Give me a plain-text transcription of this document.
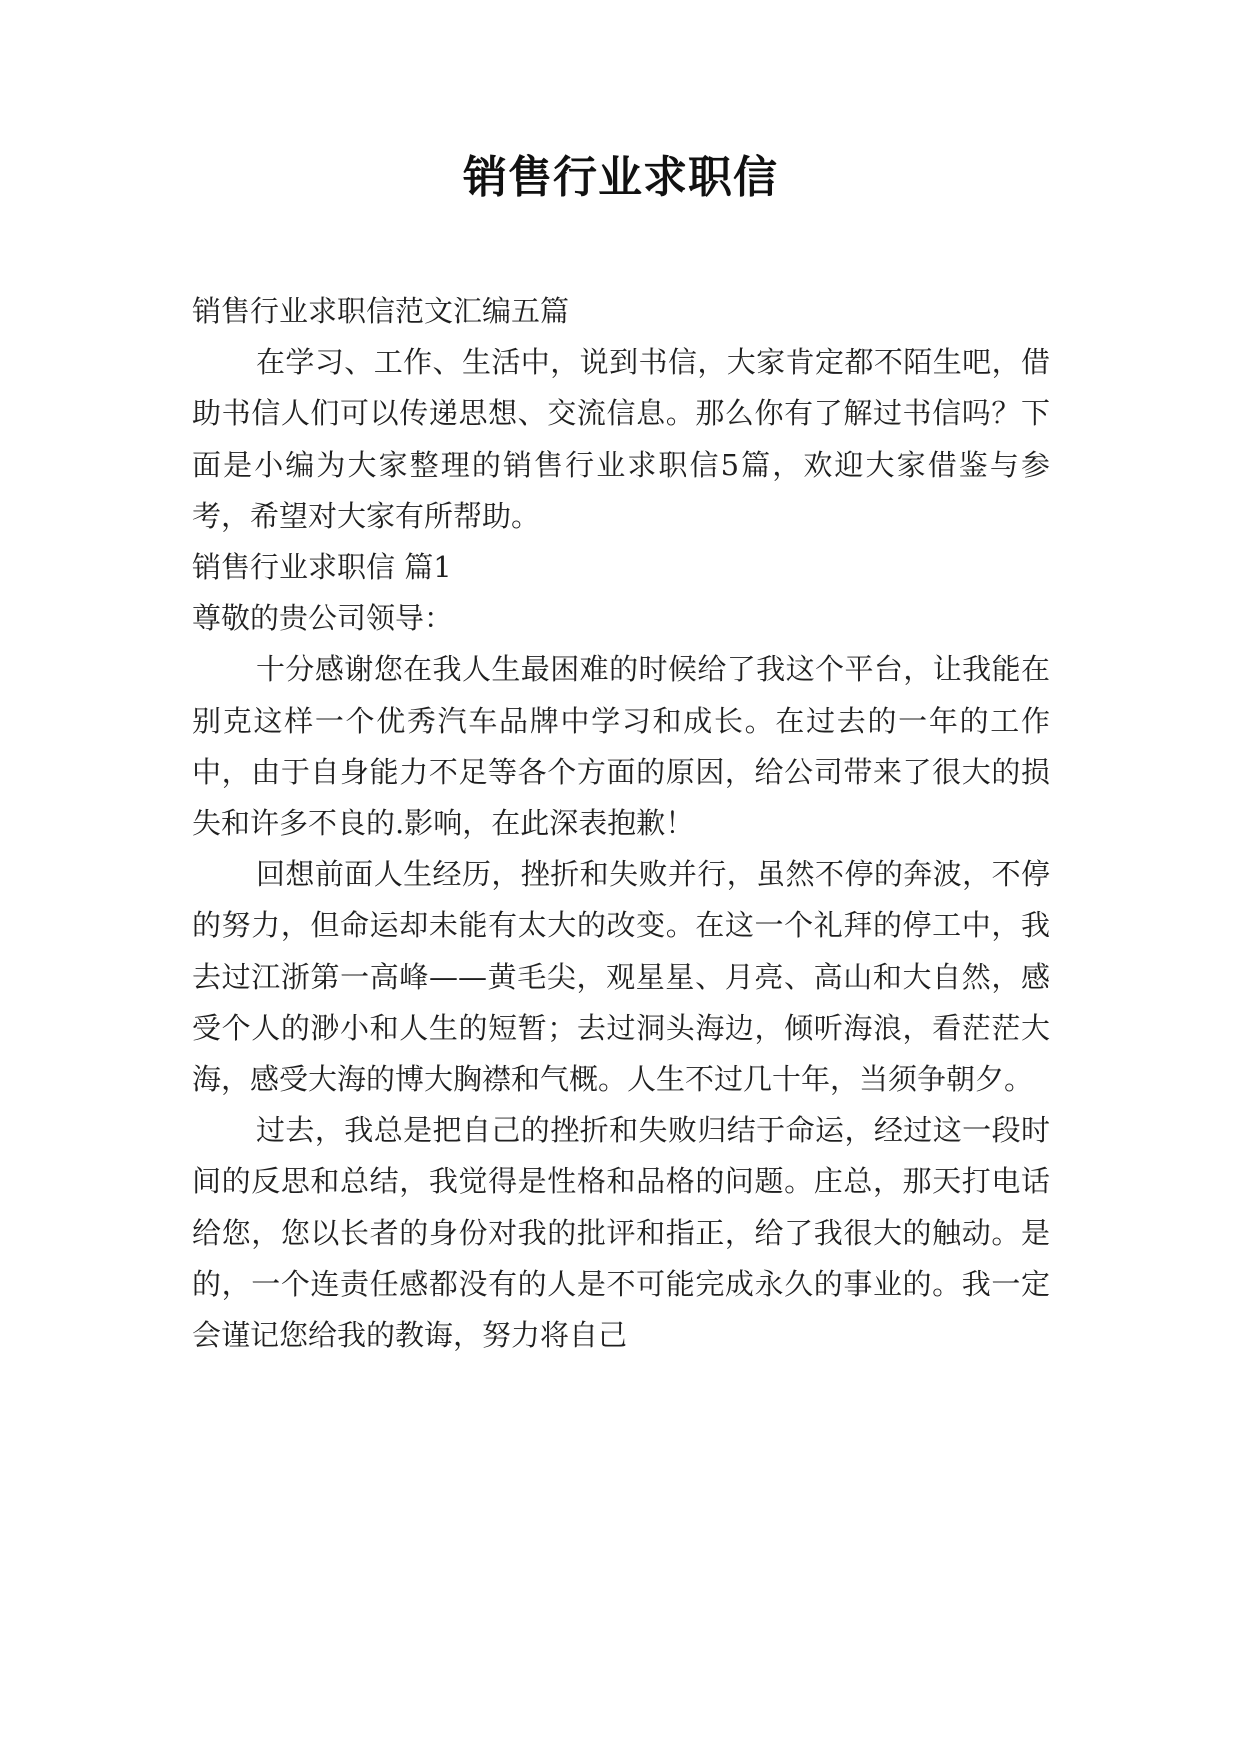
销售行业求职信

销售行业求职信范文汇编五篇

在学习、工作、生活中，说到书信，大家肯定都不陌生吧，借助书信人们可以传递思想、交流信息。那么你有了解过书信吗？下面是小编为大家整理的销售行业求职信5篇，欢迎大家借鉴与参考，希望对大家有所帮助。

销售行业求职信 篇1

尊敬的贵公司领导：

十分感谢您在我人生最困难的时候给了我这个平台，让我能在别克这样一个优秀汽车品牌中学习和成长。在过去的一年的工作中，由于自身能力不足等各个方面的原因，给公司带来了很大的损失和许多不良的.影响，在此深表抱歉！

回想前面人生经历，挫折和失败并行，虽然不停的奔波，不停的努力，但命运却未能有太大的改变。在这一个礼拜的停工中，我去过江浙第一高峰——黄毛尖，观星星、月亮、高山和大自然，感受个人的渺小和人生的短暂；去过洞头海边，倾听海浪，看茫茫大海，感受大海的博大胸襟和气概。人生不过几十年，当须争朝夕。

过去，我总是把自己的挫折和失败归结于命运，经过这一段时间的反思和总结，我觉得是性格和品格的问题。庄总，那天打电话给您，您以长者的身份对我的批评和指正，给了我很大的触动。是的，一个连责任感都没有的人是不可能完成永久的事业的。我一定会谨记您给我的教诲，努力将自己
